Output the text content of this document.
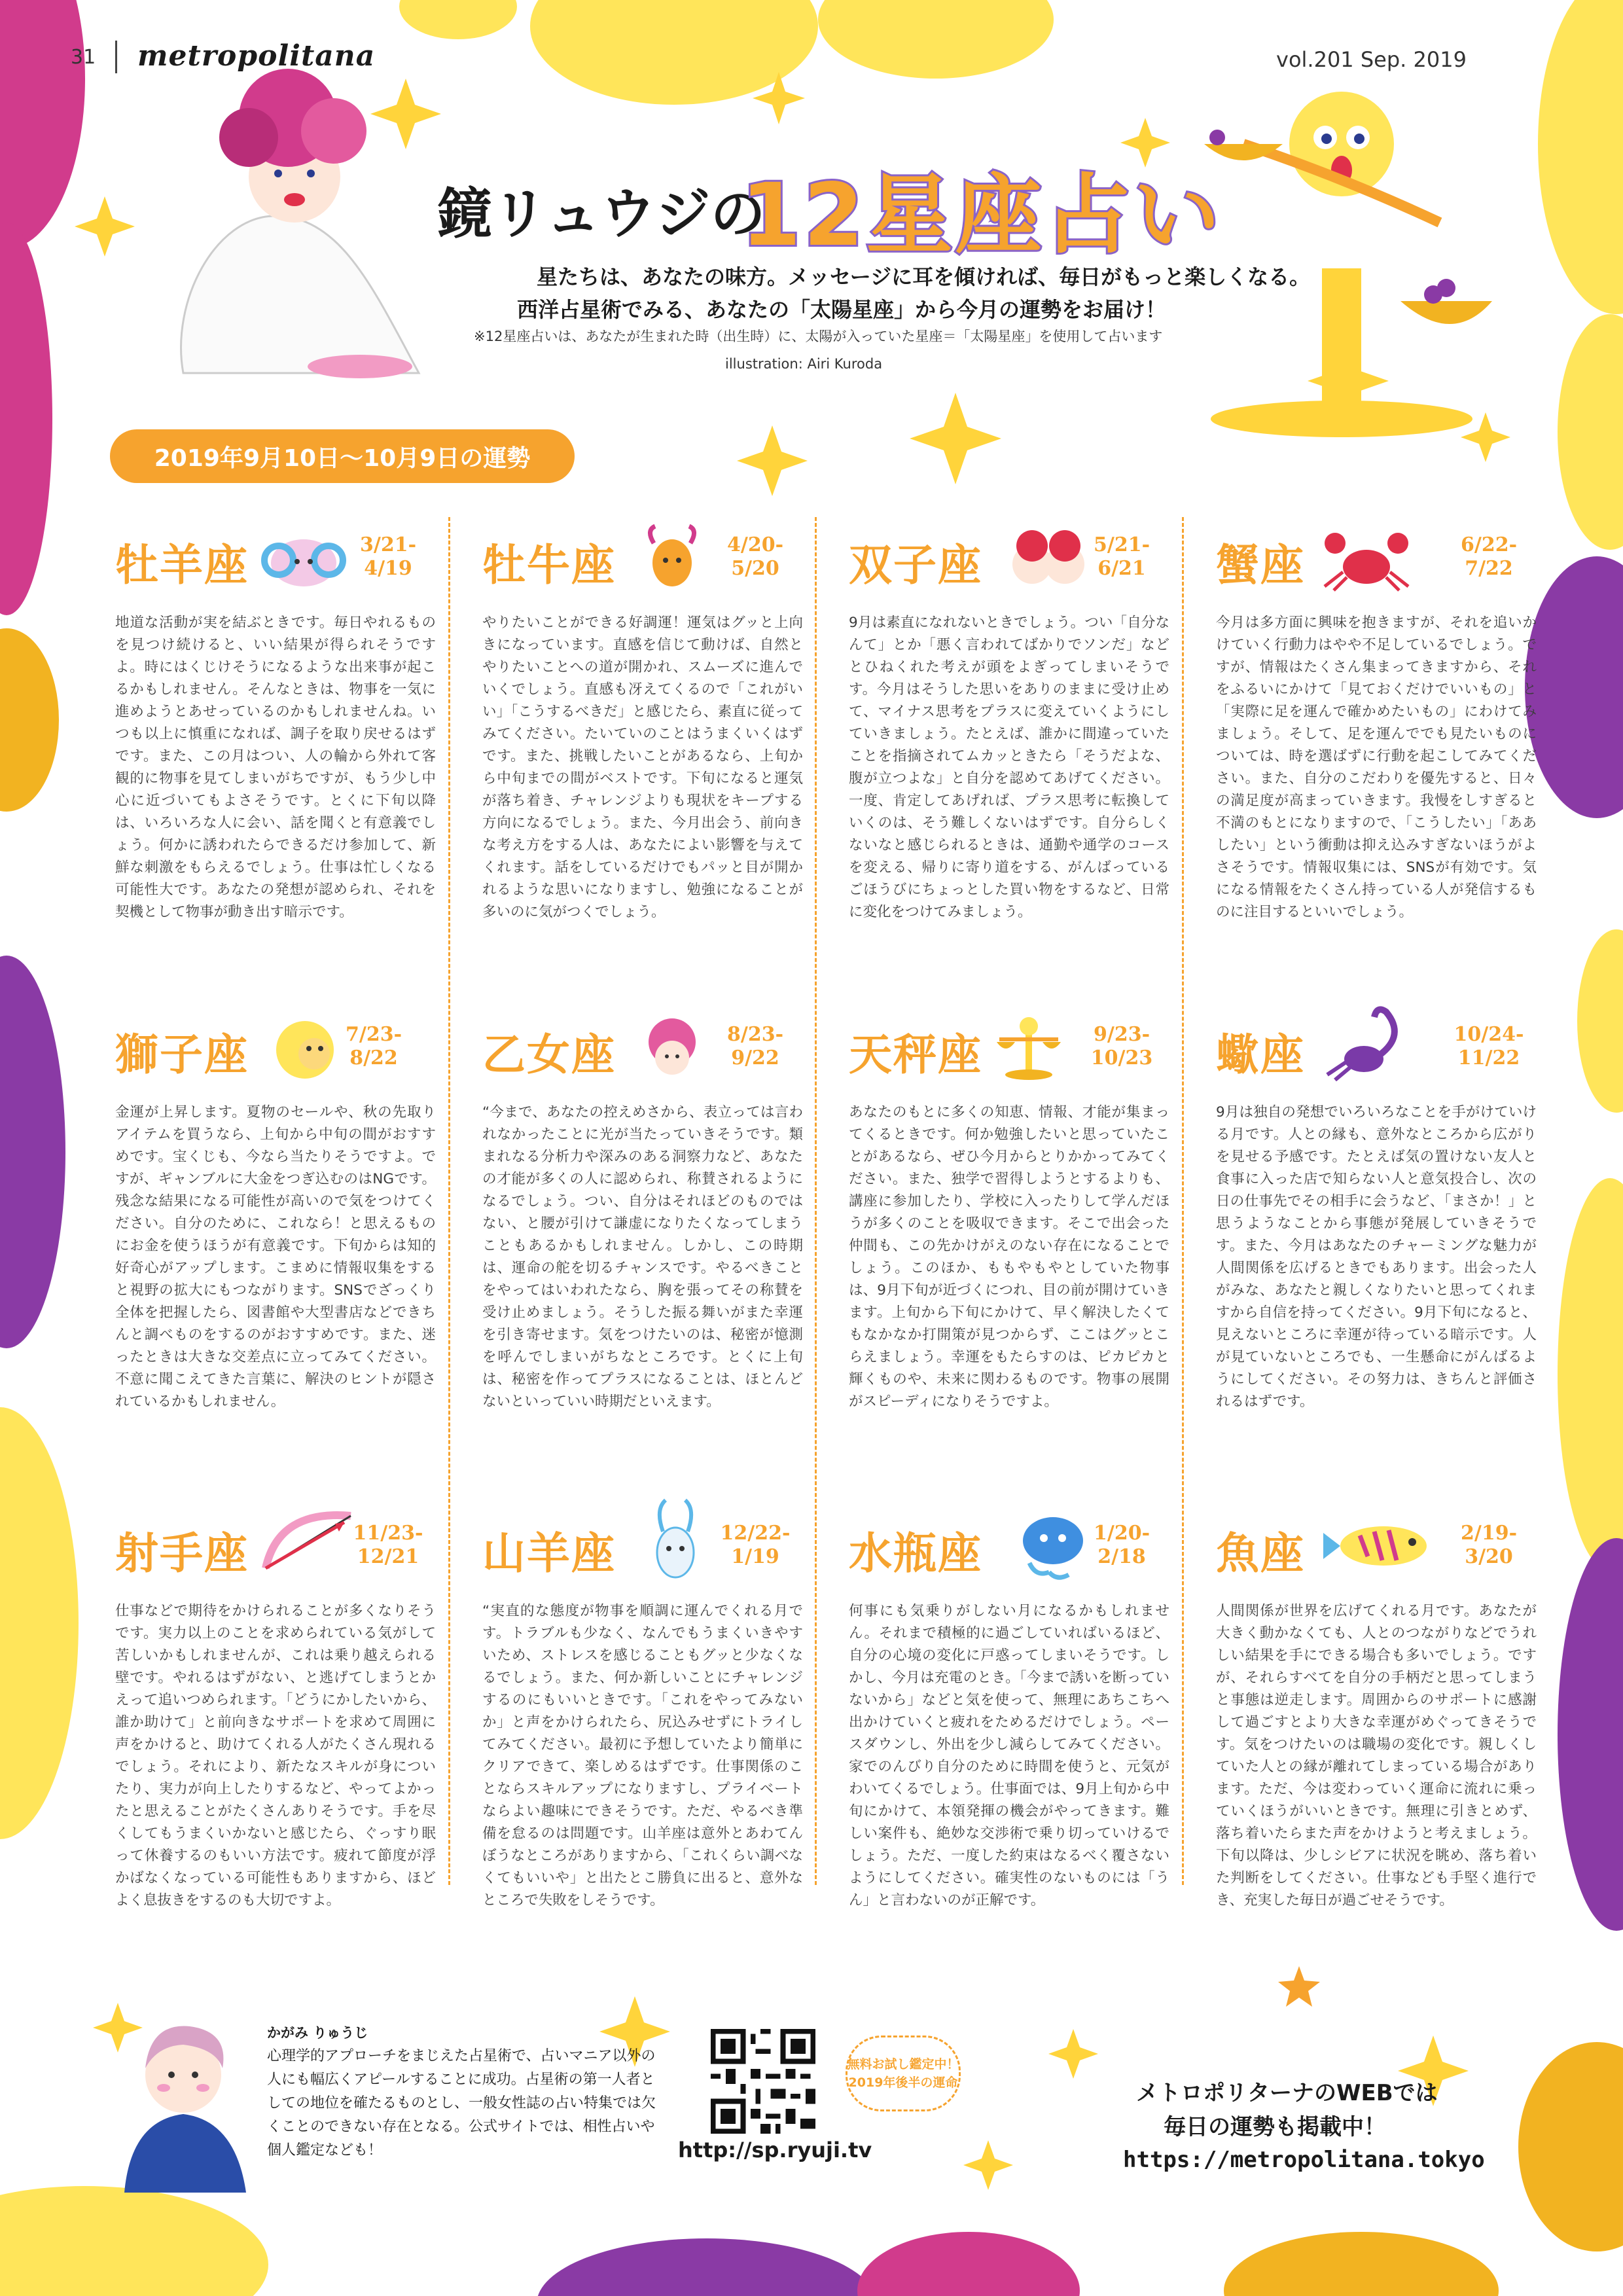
31 metropolitana	vol.201 Sep. 2019
鏡リュウジの
12星座占い
星たちは、あなたの味方。メッセージに耳を傾ければ、毎日がもっと楽しくなる。
西洋占星術でみる、あなたの「太陽星座」から今月の運勢をお届け！
※12星座占いは、あなたが生まれた時（出生時）に、太陽が入っていた星座＝「太陽星座」を使用して占います
illustration: Airi Kuroda
2019年9月10日〜10月9日の運勢
牡羊座	3/21-
4/19
地道な活動が実を結ぶときです。毎日やれるものを見つけ続けると、いい結果が得られそうですよ。時にはくじけそうになるような出来事が起こるかもしれません。そんなときは、物事を一気に進めようとあせっているのかもしれませんね。いつも以上に慎重になれば、調子を取り戻せるはずです。また、この月はつい、人の輪から外れて客観的に物事を見てしまいがちですが、もう少し中心に近づいてもよさそうです。とくに下旬以降は、いろいろな人に会い、話を聞くと有意義でしょう。何かに誘われたらできるだけ参加して、新鮮な刺激をもらえるでしょう。仕事は忙しくなる可能性大です。あなたの発想が認められ、それを契機として物事が動き出す暗示です。
牡牛座	4/20-
5/20
やりたいことができる好調運！運気はグッと上向きになっています。直感を信じて動けば、自然とやりたいことへの道が開かれ、スムーズに進んでいくでしょう。直感も冴えてくるので「これがいい」「こうするべきだ」と感じたら、素直に従ってみてください。たいていのことはうまくいくはずです。また、挑戦したいことがあるなら、上旬から中旬までの間がベストです。下旬になると運気が落ち着き、チャレンジよりも現状をキープする方向になるでしょう。また、今月出会う、前向きな考え方をする人は、あなたによい影響を与えてくれます。話をしているだけでもパッと目が開かれるような思いになりますし、勉強になることが多いのに気がつくでしょう。
双子座	5/21-
6/21
9月は素直になれないときでしょう。つい「自分なんて」とか「悪く言われてばかりでソンだ」などとひねくれた考えが頭をよぎってしまいそうです。今月はそうした思いをありのままに受け止めて、マイナス思考をプラスに変えていくようにしていきましょう。たとえば、誰かに間違っていたことを指摘されてムカッときたら「そうだよな、腹が立つよな」と自分を認めてあげてください。一度、肯定してあげれば、プラス思考に転換していくのは、そう難しくないはずです。自分らしくないなと感じられるときは、通勤や通学のコースを変える、帰りに寄り道をする、がんばっているごほうびにちょっとした買い物をするなど、日常に変化をつけてみましょう。
蟹座	6/22-
7/22
今月は多方面に興味を抱きますが、それを追いかけていく行動力はやや不足しているでしょう。ですが、情報はたくさん集まってきますから、それをふるいにかけて「見ておくだけでいいもの」と「実際に足を運んで確かめたいもの」にわけてみましょう。そして、足を運んででも見たいものについては、時を選ばずに行動を起こしてみてください。また、自分のこだわりを優先すると、日々の満足度が高まっていきます。我慢をしすぎると不満のもとになりますので、「こうしたい」「ああしたい」という衝動は抑え込みすぎないほうがよさそうです。情報収集には、SNSが有効です。気になる情報をたくさん持っている人が発信するものに注目するといいでしょう。
獅子座	7/23-
8/22
金運が上昇します。夏物のセールや、秋の先取りアイテムを買うなら、上旬から中旬の間がおすすめです。宝くじも、今なら当たりそうですよ。ですが、ギャンブルに大金をつぎ込むのはNGです。残念な結果になる可能性が高いので気をつけてください。自分のために、これなら！と思えるものにお金を使うほうが有意義です。下旬からは知的好奇心がアップします。こまめに情報収集をする と視野の拡大にもつながります。SNSでざっくり全体を把握したら、図書館や大型書店などできちんと調べものをするのがおすすめです。また、迷ったときは大きな交差点に立ってみてください。不意に聞こえてきた言葉に、解決のヒントが隠されているかもしれません。
乙女座	8/23-
9/22
“今まで、あなたの控えめさから、表立っては言われなかったことに光が当たっていきそうです。類まれなる分析力や深みのある洞察力など、あなたの才能が多くの人に認められ、称賛されるようになるでしょう。つい、自分はそれほどのものではない、と腰が引けて謙虚になりたくなってしまうこともあるかもしれません。しかし、この時期は、運命の舵を切るチャンスです。やるべきことをやってはいわれたなら、胸を張ってその称賛を受け止めましょう。そうした振る舞いがまた幸運を引き寄せます。気をつけたいのは、秘密が憶測を呼んでしまいがちなところです。とくに上旬は、秘密を作ってプラスになることは、ほとんどないといっていい時期だといえます。
天秤座	9/23-
10/23
あなたのもとに多くの知恵、情報、才能が集まってくるときです。何か勉強したいと思っていたことがあるなら、ぜひ今月からとりかかってみてください。また、独学で習得しようとするよりも、講座に参加したり、学校に入ったりして学んだほうが多くのことを吸収できます。そこで出会った仲間も、この先かけがえのない存在になることでしょう。このほか、ももやもやとしていた物事は、9月下旬が近づくにつれ、目の前が開けていきます。上旬から下旬にかけて、早く解決したくてもなかなか打開策が見つからず、ここはグッとこらえましょう。幸運をもたらすのは、ピカピカと輝くものや、未来に関わるものです。物事の展開がスピーディになりそうですよ。
蠍座	10/24-
11/22
9月は独自の発想でいろいろなことを手がけていける月です。人との縁も、意外なところから広がりを見せる予感です。たとえば気の置けない友人と食事に入った店で知らない人と意気投合し、次の日の仕事先でその相手に会うなど、「まさか！」と思うようなことから事態が発展していきそうです。また、今月はあなたのチャーミングな魅力が人間関係を広げるときでもあります。出会った人がみな、あなたと親しくなりたいと思ってくれますから自信を持ってください。9月下旬になると、見えないところに幸運が待っている暗示です。人が見ていないところでも、一生懸命にがんばるようにしてください。その努力は、きちんと評価されるはずです。
射手座	11/23-
12/21
仕事などで期待をかけられることが多くなりそうです。実力以上のことを求められている気がして苦しいかもしれませんが、これは乗り越えられる壁です。やれるはずがない、と逃げてしまうとかえって追いつめられます。「どうにかしたいから、誰か助けて」と前向きなサポートを求めて周囲に声をかけると、助けてくれる人がたくさん現れるでしょう。それにより、新たなスキルが身についたり、実力が向上したりするなど、やってよかったと思えることがたくさんありそうです。手を尽くしてもうまくいかないと感じたら、ぐっすり眠って休養するのもいい方法です。疲れて節度が浮かばなくなっている可能性もありますから、ほどよく息抜きをするのも大切ですよ。
山羊座	12/22-
1/19
“実直的な態度が物事を順調に運んでくれる月です。トラブルも少なく、なんでもうまくいきやすいため、ストレスを感じることもグッと少なくなるでしょう。また、何か新しいことにチャレンジするのにもいいときです。「これをやってみないか」と声をかけられたら、尻込みせずにトライしてみてください。最初に予想していたより簡単にクリアできて、楽しめるはずです。仕事関係のことならスキルアップになりますし、プライベートならよい趣味にできそうです。ただ、やるべき準備を怠るのは問題です。山羊座は意外とあわてんぼうなところがありますから、「これくらい調べなくてもいいや」と出たとこ勝負に出ると、意外なところで失敗をしそうです。
水瓶座	1/20-
2/18
何事にも気乗りがしない月になるかもしれません。それまで積極的に過ごしていればいるほど、自分の心境の変化に戸惑ってしまいそうです。しかし、今月は充電のとき。「今まで誘いを断っていないから」などと気を使って、無理にあちこちへ出かけていくと疲れをためるだけでしょう。ペースダウンし、外出を少し減らしてみてください。家でのんびり自分のために時間を使うと、元気がわいてくるでしょう。仕事面では、9月上旬から中旬にかけて、本領発揮の機会がやってきます。難しい案件も、絶妙な交渉術で乗り切っていけるでしょう。ただ、一度した約束はなるべく覆さないようにしてください。確実性のないものには「うん」と言わないのが正解です。
魚座	2/19-
3/20
人間関係が世界を広げてくれる月です。あなたが大きく動かなくても、人とのつながりなどでうれしい結果を手にできる場合も多いでしょう。ですが、それらすべてを自分の手柄だと思ってしまうと事態は逆走します。周囲からのサポートに感謝して過ごすとより大きな幸運がめぐってきそうです。気をつけたいのは職場の変化です。親しくしていた人との縁が離れてしまっている場合があります。ただ、今は変わっていく運命に流れに乗っていくほうがいいときです。無理に引きとめず、落ち着いたらまた声をかけようと考えましょう。下旬以降は、少しシビアに状況を眺め、落ち着いた判断をしてください。仕事なども手堅く進行でき、充実した毎日が過ごせそうです。
かがみ りゅうじ
心理学的アプローチをまじえた占星術で、占いマニア以外の人にも幅広くアピールすることに成功。占星術の第一人者としての地位を確たるものとし、一般女性誌の占い特集では欠くことのできない存在となる。公式サイトでは、相性占いや個人鑑定なども！	http://sp.ryuji.tv
無料お試し鑑定中！
2019年後半の運命	メトロポリターナのWEBでは
毎日の運勢も掲載中！
https://metropolitana.tokyo
